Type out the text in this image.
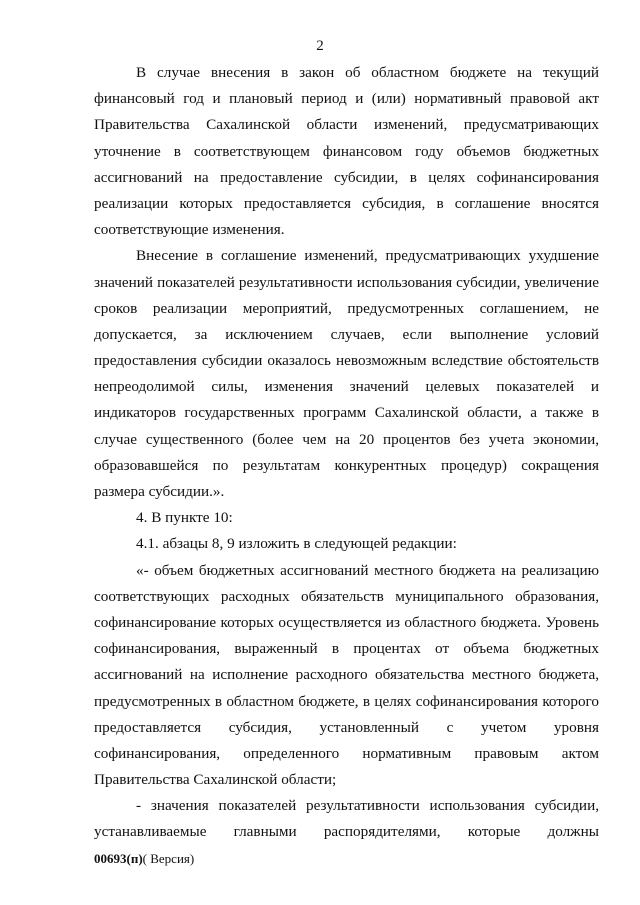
2
В случае внесения в закон об областном бюджете на текущий
финансовый год и плановый период и (или) нормативный правовой акт
Правительства Сахалинской области изменений, предусматривающих
уточнение в соответствующем финансовом году объемов бюджетных
ассигнований на предоставление субсидии, в целях софинансирования
реализации которых предоставляется субсидия, в соглашение вносятся
соответствующие изменения.
Внесение в соглашение изменений, предусматривающих ухудшение
значений показателей результативности использования субсидии, увеличение
сроков реализации мероприятий, предусмотренных соглашением, не
допускается, за исключением случаев, если выполнение условий
предоставления субсидии оказалось невозможным вследствие обстоятельств
непреодолимой силы, изменения значений целевых показателей и
индикаторов государственных программ Сахалинской области, а также в
случае существенного (более чем на 20 процентов без учета экономии,
образовавшейся по результатам конкурентных процедур) сокращения
размера субсидии.».
4. В пункте 10:
4.1. абзацы 8, 9 изложить в следующей редакции:
«- объем бюджетных ассигнований местного бюджета на реализацию
соответствующих расходных обязательств муниципального образования,
софинансирование которых осуществляется из областного бюджета. Уровень
софинансирования, выраженный в процентах от объема бюджетных
ассигнований на исполнение расходного обязательства местного бюджета,
предусмотренных в областном бюджете, в целях софинансирования которого
предоставляется субсидия, установленный с учетом уровня
софинансирования, определенного нормативным правовым актом
Правительства Сахалинской области;
- значения показателей результативности использования субсидии,
устанавливаемые главными распорядителями, которые должны
00693(п)( Версия)
